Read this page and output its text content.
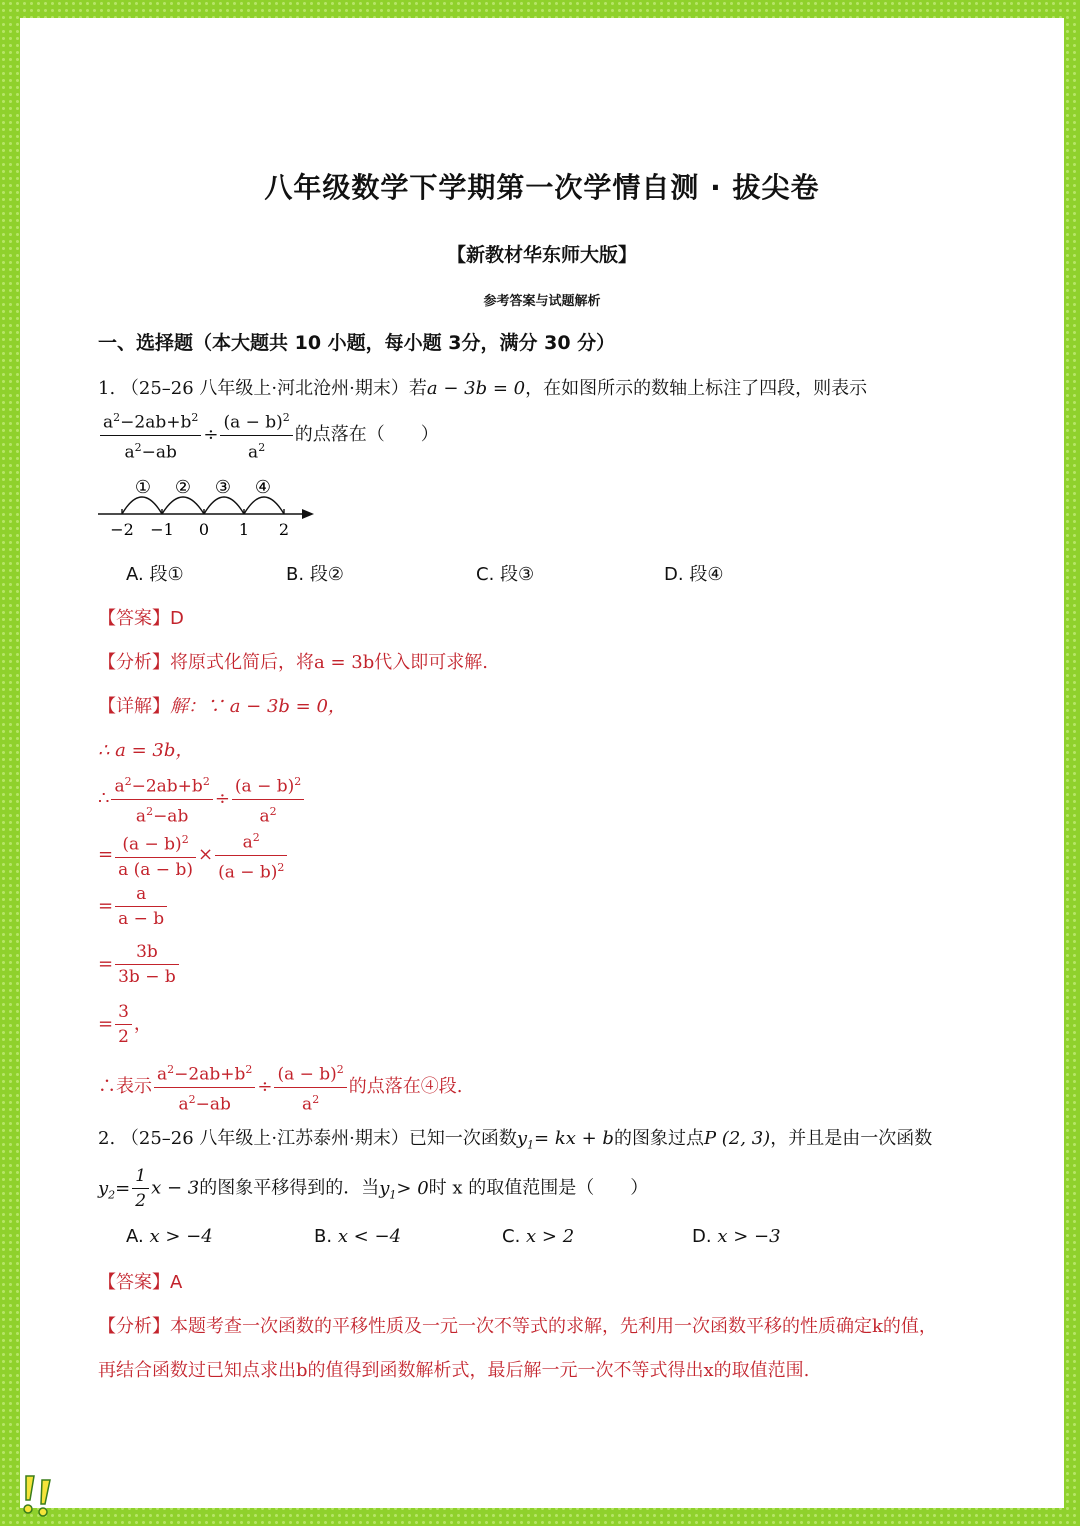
八年级数学下学期第一次学情自测 · 拔尖卷
【新教材华东师大版】
参考答案与试题解析
一、选择题（本大题共 10 小题，每小题 3分，满分 30 分）
1. （25–26 八年级上·河北沧州·期末）若a − 3b = 0，在如图所示的数轴上标注了四段，则表示
$\frac{a^2-2ab+b^2}{a^2-ab} \div \frac{(a - b)^2}{a^2}$ 的点落在（　　）
① ② ③ ④
−2 −1 0 1 2
A. 段①	B. 段②	C. 段③	D. 段④
【答案】D
【分析】将原式化简后，将a = 3b代入即可求解.
【详解】解：∵ a − 3b = 0，
∴ a = 3b，
∴ $\frac{a^2-2ab+b^2}{a^2-ab} \div \frac{(a - b)^2}{a^2}$
= $\frac{(a - b)^2}{a (a - b)} \times \frac{a^2}{(a - b)^2}$
= $\frac{a}{a - b}$
= $\frac{3b}{3b - b}$
= $\frac{3}{2}$ ，
∴表示 $\frac{a^2-2ab+b^2}{a^2-ab} \div \frac{(a - b)^2}{a^2}$ 的点落在④段.
2. （25–26 八年级上·江苏泰州·期末）已知一次函数$y_1=$ kx + b的图象过点P (2, 3)，并且是由一次函数
$y_2= \frac{1}{2}$ x − 3的图象平移得到的．当$y_1> 0$时 x 的取值范围是（　　）
A. x > −4	B. x < −4	C. x > 2	D. x > −3
【答案】A
【分析】本题考查一次函数的平移性质及一元一次不等式的求解，先利用一次函数平移的性质确定k的值，
再结合函数过已知点求出b的值得到函数解析式，最后解一元一次不等式得出x的取值范围.
